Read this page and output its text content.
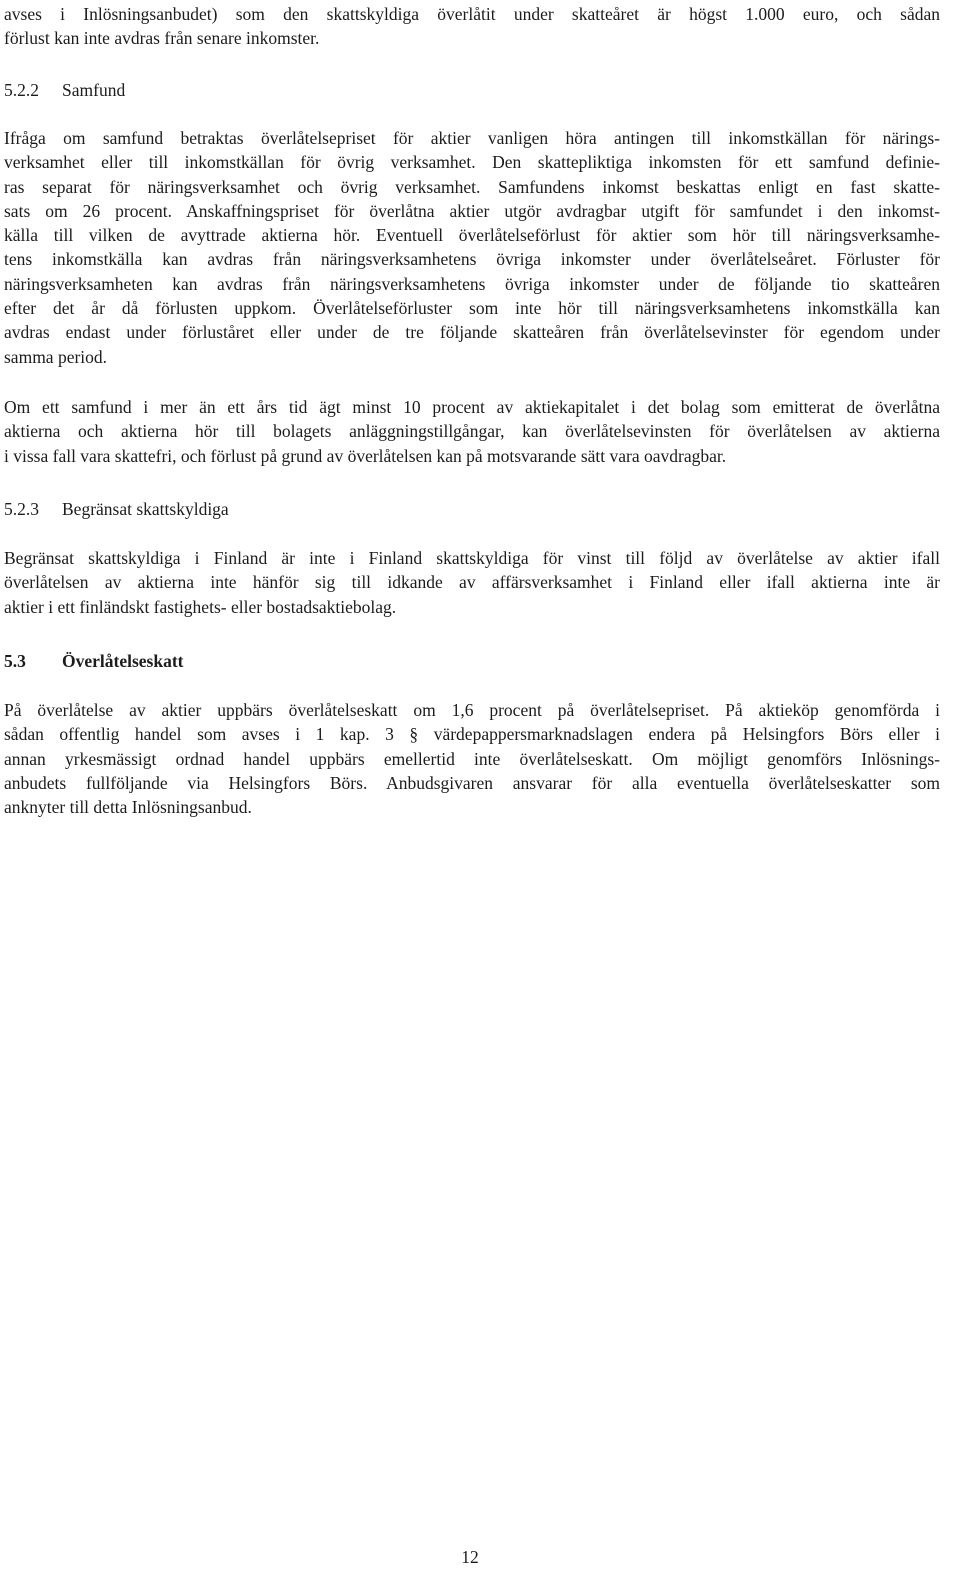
avses i Inlösningsanbudet) som den skattskyldiga överlåtit under skatteåret är högst 1.000 euro, och sådan
förlust kan inte avdras från senare inkomster.
5.2.2 Samfund
Ifråga om samfund betraktas överlåtelsepriset för aktier vanligen höra antingen till inkomstkällan för närings-
verksamhet eller till inkomstkällan för övrig verksamhet. Den skattepliktiga inkomsten för ett samfund definie-
ras separat för näringsverksamhet och övrig verksamhet. Samfundens inkomst beskattas enligt en fast skatte-
sats om 26 procent. Anskaffningspriset för överlåtna aktier utgör avdragbar utgift för samfundet i den inkomst-
källa till vilken de avyttrade aktierna hör. Eventuell överlåtelseförlust för aktier som hör till näringsverksamhe-
tens inkomstkälla kan avdras från näringsverksamhetens övriga inkomster under överlåtelseåret. Förluster för
näringsverksamheten kan avdras från näringsverksamhetens övriga inkomster under de följande tio skatteåren
efter det år då förlusten uppkom. Överlåtelseförluster som inte hör till näringsverksamhetens inkomstkälla kan
avdras endast under förluståret eller under de tre följande skatteåren från överlåtelsevinster för egendom under
samma period.
Om ett samfund i mer än ett års tid ägt minst 10 procent av aktiekapitalet i det bolag som emitterat de överlåtna
aktierna och aktierna hör till bolagets anläggningstillgångar, kan överlåtelsevinsten för överlåtelsen av aktierna
i vissa fall vara skattefri, och förlust på grund av överlåtelsen kan på motsvarande sätt vara oavdragbar.
5.2.3 Begränsat skattskyldiga
Begränsat skattskyldiga i Finland är inte i Finland skattskyldiga för vinst till följd av överlåtelse av aktier ifall
överlåtelsen av aktierna inte hänför sig till idkande av affärsverksamhet i Finland eller ifall aktierna inte är
aktier i ett finländskt fastighets- eller bostadsaktiebolag.
5.3 Överlåtelseskatt
På överlåtelse av aktier uppbärs överlåtelseskatt om 1,6 procent på överlåtelsepriset. På aktieköp genomförda i
sådan offentlig handel som avses i 1 kap. 3 § värdepappersmarknadslagen endera på Helsingfors Börs eller i
annan yrkesmässigt ordnad handel uppbärs emellertid inte överlåtelseskatt. Om möjligt genomförs Inlösnings-
anbudets fullföljande via Helsingfors Börs. Anbudsgivaren ansvarar för alla eventuella överlåtelseskatter som
anknyter till detta Inlösningsanbud.
12
